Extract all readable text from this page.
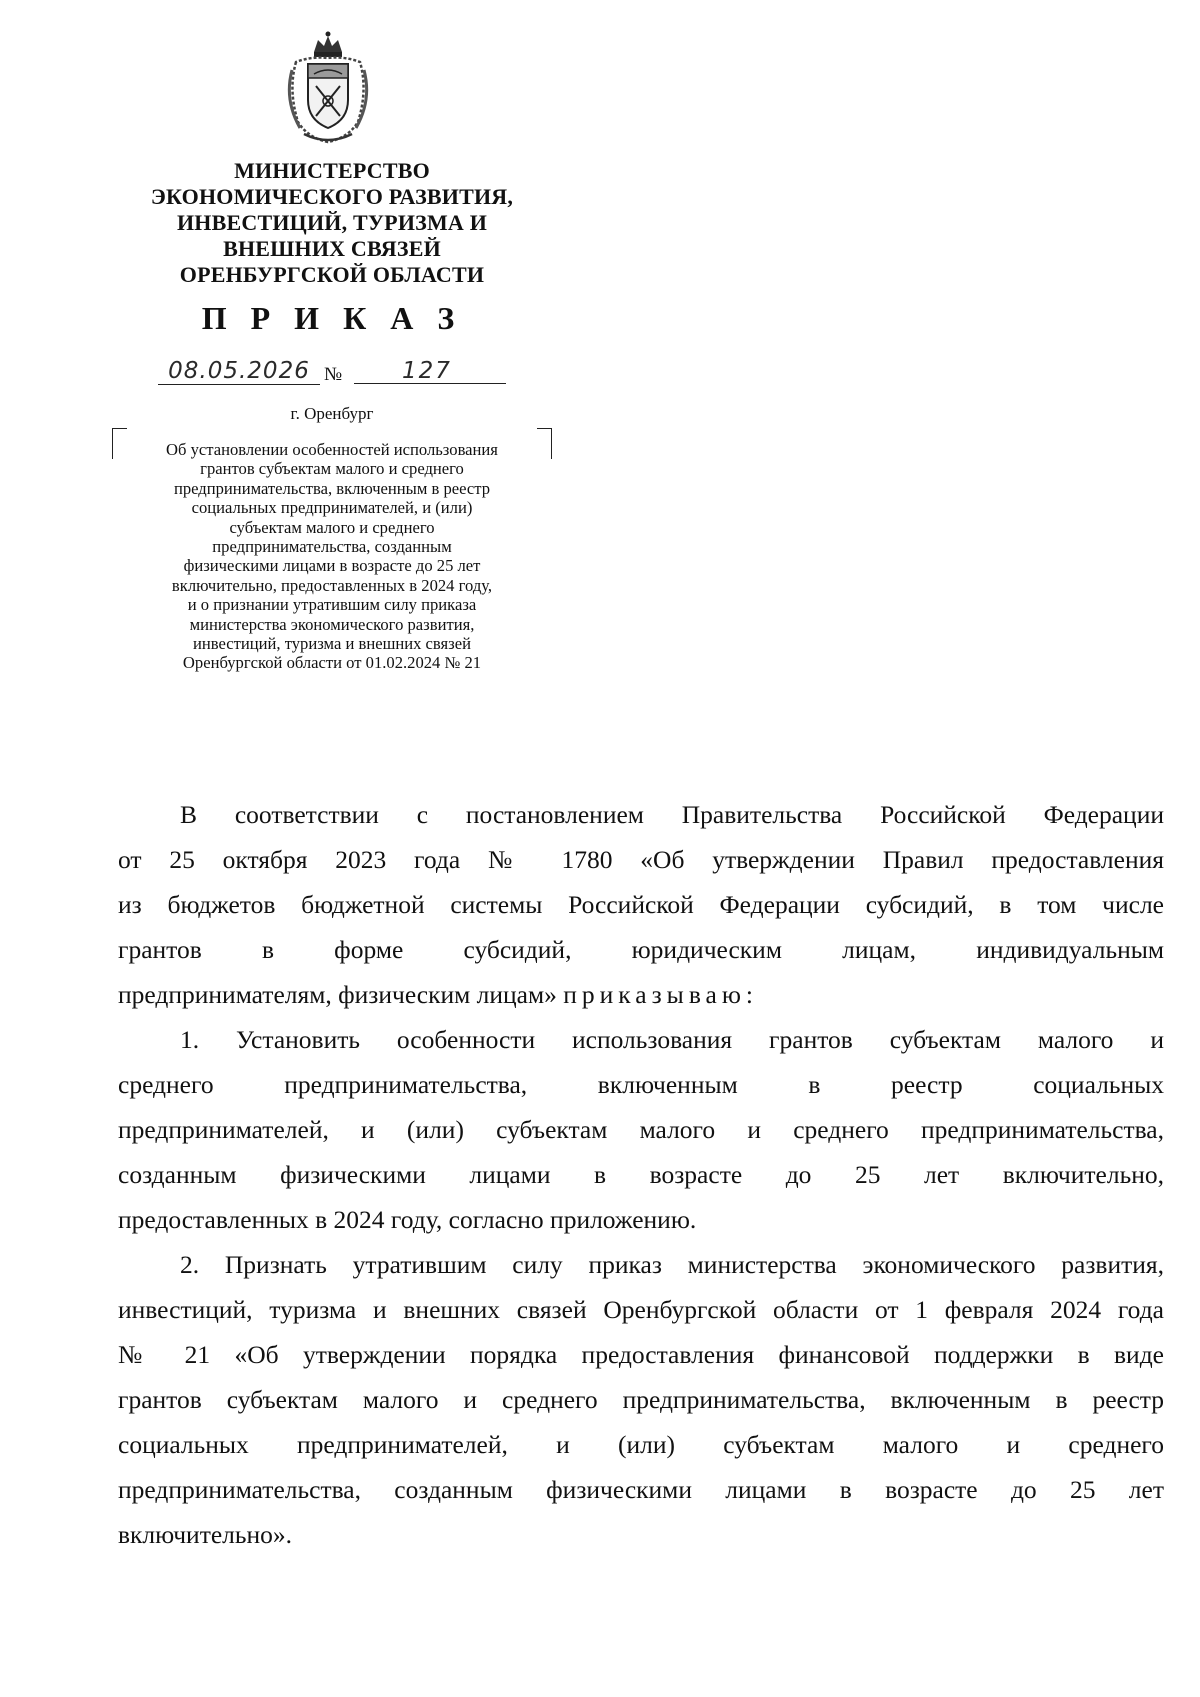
МИНИСТЕРСТВО
ЭКОНОМИЧЕСКОГО РАЗВИТИЯ,
ИНВЕСТИЦИЙ, ТУРИЗМА И
ВНЕШНИХ СВЯЗЕЙ
ОРЕНБУРГСКОЙ ОБЛАСТИ
П Р И К А З
08.05.2026 №	127

г. Оренбург

Об установлении особенностей использования
грантов субъектам малого и среднего
предпринимательства, включенным в реестр
социальных предпринимателей, и (или)
субъектам малого и среднего
предпринимательства, созданным
физическими лицами в возрасте до 25 лет
включительно, предоставленных в 2024 году,
и о признании утратившим силу приказа
министерства экономического развития,
инвестиций, туризма и внешних связей
Оренбургской области от 01.02.2024 № 21

В соответствии с постановлением Правительства Российской Федерации
от 25 октября 2023 года № 1780 «Об утверждении Правил предоставления
из бюджетов бюджетной системы Российской Федерации субсидий, в том числе
грантов в форме субсидий, юридическим лицам, индивидуальным
предпринимателям, физическим лицам» приказываю:

1. Установить особенности использования грантов субъектам малого и
среднего предпринимательства, включенным в реестр социальных
предпринимателей, и (или) субъектам малого и среднего предпринимательства,
созданным физическими лицами в возрасте до 25 лет включительно,
предоставленных в 2024 году, согласно приложению.

2. Признать утратившим силу приказ министерства экономического развития,
инвестиций, туризма и внешних связей Оренбургской области от 1 февраля 2024 года
№ 21 «Об утверждении порядка предоставления финансовой поддержки в виде
грантов субъектам малого и среднего предпринимательства, включенным в реестр
социальных предпринимателей, и (или) субъектам малого и среднего
предпринимательства, созданным физическими лицами в возрасте до 25 лет
включительно».
